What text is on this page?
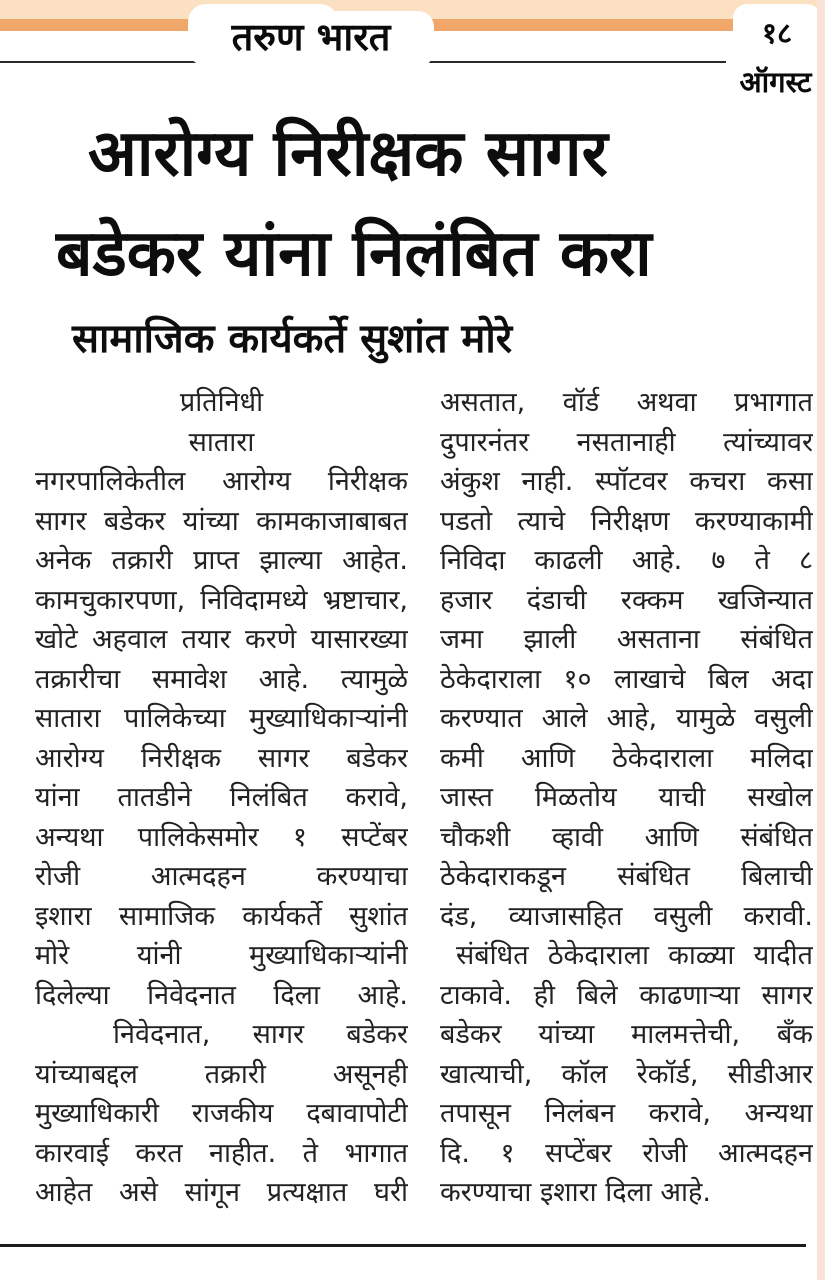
तरुण भारत	१८
ऑगस्ट
आरोग्य निरीक्षक सागर
बडेकर यांना निलंबित करा
सामाजिक कार्यकर्ते सुशांत मोरे
प्रतिनिधी
सातारा
नगरपालिकेतील आरोग्य निरीक्षक
सागर बडेकर यांच्या कामकाजाबाबत
अनेक तक्रारी प्राप्त झाल्या आहेत.
कामचुकारपणा, निविदामध्ये भ्रष्टाचार,
खोटे अहवाल तयार करणे यासारख्या
तक्रारीचा समावेश आहे. त्यामुळे
सातारा पालिकेच्या मुख्याधिकाऱ्यांनी
आरोग्य निरीक्षक सागर बडेकर
यांना तातडीने निलंबित करावे,
अन्यथा पालिकेसमोर १ सप्टेंबर
रोजी आत्मदहन करण्याचा
इशारा सामाजिक कार्यकर्ते सुशांत
मोरे यांनी मुख्याधिकाऱ्यांनी
दिलेल्या निवेदनात दिला आहे.
निवेदनात, सागर बडेकर
यांच्याबद्दल तक्रारी असूनही
मुख्याधिकारी राजकीय दबावापोटी
कारवाई करत नाहीत. ते भागात
आहेत असे सांगून प्रत्यक्षात घरी
असतात, वॉर्ड अथवा प्रभागात
दुपारनंतर नसतानाही त्यांच्यावर
अंकुश नाही. स्पॉटवर कचरा कसा
पडतो त्याचे निरीक्षण करण्याकामी
निविदा काढली आहे. ७ ते ८
हजार दंडाची रक्कम खजिन्यात
जमा झाली असताना संबंधित
ठेकेदाराला १० लाखाचे बिल अदा
करण्यात आले आहे, यामुळे वसुली
कमी आणि ठेकेदाराला मलिदा
जास्त मिळतोय याची सखोल
चौकशी व्हावी आणि संबंधित
ठेकेदाराकडून संबंधित बिलाची
दंड, व्याजासहित वसुली करावी.
संबंधित ठेकेदाराला काळ्या यादीत
टाकावे. ही बिले काढणाऱ्या सागर
बडेकर यांच्या मालमत्तेची, बँक
खात्याची, कॉल रेकॉर्ड, सीडीआर
तपासून निलंबन करावे, अन्यथा
दि. १ सप्टेंबर रोजी आत्मदहन
करण्याचा इशारा दिला आहे.
